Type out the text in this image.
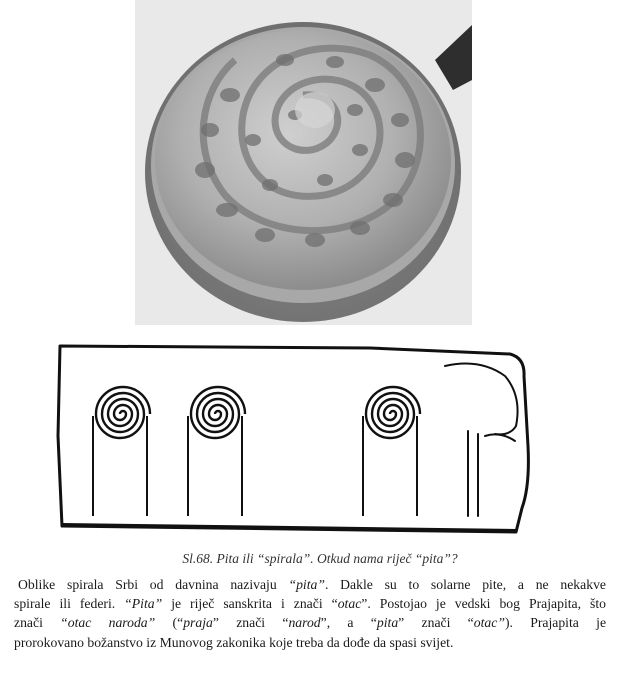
Sl.68. Pita ili “spirala”. Otkud nama riječ “pita”?
Oblike spirala Srbi od davnina nazivaju “pita”. Dakle su to solarne pite, a ne nekakve
spirale ili federi. “Pita” je riječ sanskrita i znači “otac”. Postojao je vedski bog Prajapita, što
znači “otac naroda” (“praja” znači “narod”, a “pita” znači “otac”). Prajapita je
prorokovano božanstvo iz Munovog zakonika koje treba da dođe da spasi svijet.
